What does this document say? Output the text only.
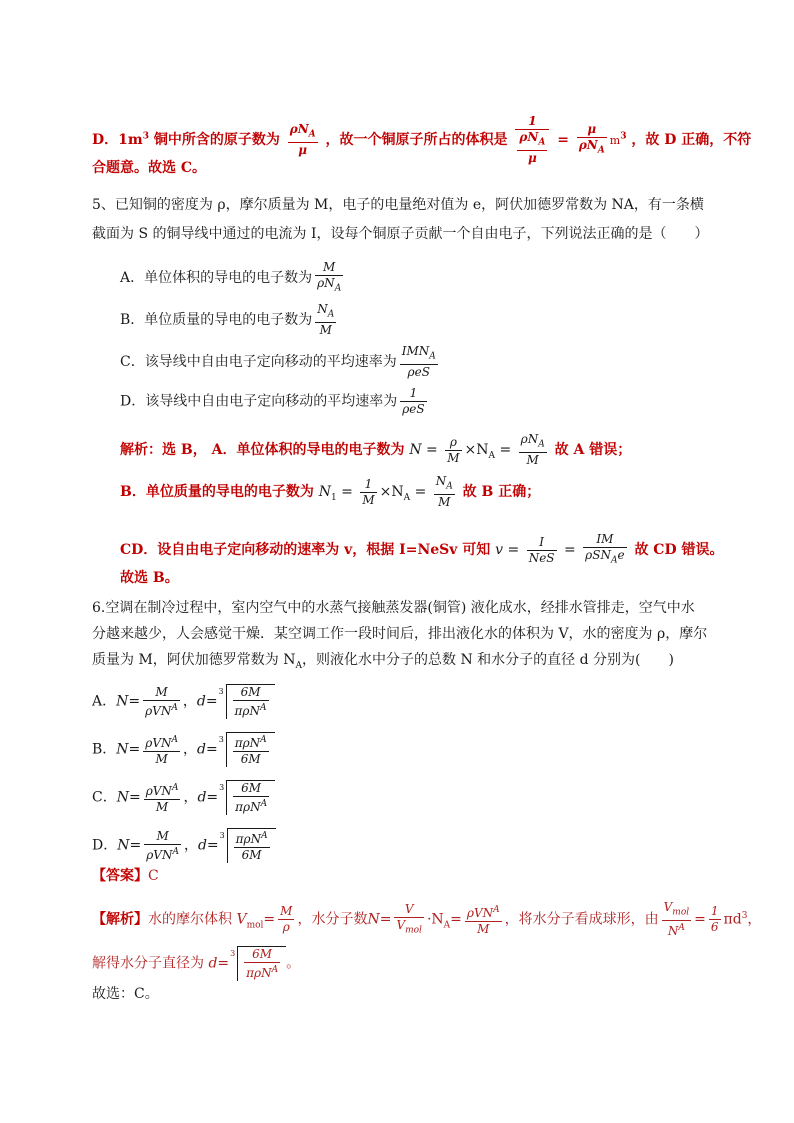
D．$1m^3$ 铜中所含的原子数为 $\frac{\rho N_A}{\mu}$ ，故一个铜原子所占的体积是 $\frac{1}{\frac{\rho N_A}{\mu}} = \frac{\mu}{\rho N_A} m^3$ ，故 D 正确，不符
合题意。故选 C。
5、已知铜的密度为 ρ，摩尔质量为 M，电子的电量绝对值为 e，阿伏加德罗常数为 NA，有一条横
截面为 S 的铜导线中通过的电流为 I，设每个铜原子贡献一个自由电子，下列说法正确的是（　　）
A．单位体积的导电的电子数为 $\frac{M}{\rho N_A}$
B．单位质量的导电的电子数为 $\frac{N_A}{M}$
C．该导线中自由电子定向移动的平均速率为 $\frac{IMN_A}{\text{ρeS}}$
D．该导线中自由电子定向移动的平均速率为 $\frac{1}{\text{ρeS}}$
解析：选 B， A．单位体积的导电的电子数为 $N = \frac{\rho}{M} \times N_A = \frac{\rho N_A}{M}$ 故 A 错误；
B．单位质量的导电的电子数为 $N_1 = \frac{1}{M} \times N_A = \frac{N_A}{M}$ 故 B 正确；
CD．设自由电子定向移动的速率为 v，根据 I=NeSv 可知 $v = \frac{I}{\text{NeS}} = \frac{IM}{\rho SN_Ae}$ 故 CD 错误。
故选 B。
6.空调在制冷过程中，室内空气中的水蒸气接触蒸发器(铜管) 液化成水，经排水管排走，空气中水
分越来越少，人会感觉干燥．某空调工作一段时间后，排出液化水的体积为 V，水的密度为 ρ，摩尔
质量为 M，阿伏加德罗常数为 $N_A$，则液化水中分子的总数 N 和水分子的直径 d 分别为(　　)
A．$N= \frac{M}{\rho VN^A}$ ，d=
$3 \frac{6M}{\pi\rho N^A}$
B．$N= \frac{\rho VN^A}{M}$ ，d=
$3 \frac{\pi\rho N^A}{6M}$
C．$N= \frac{\rho VN^A}{M}$ ，d=
$3 \frac{6M}{\pi\rho N^A}$
D．$N= \frac{M}{\rho VN^A}$ ，d=
$3 \frac{\pi\rho N^A}{6M}$
【答案】C
【解析】水的摩尔体积 $V_{mol}= \frac{M}{\rho}$ ，水分子数$N= \frac{V}{V_{mol}} \cdot N_A= \frac{\rho VN^A}{M}$ ，将水分子看成球形，由 $\frac{V_{mol}}{N^A} = \frac{1}{6} \pi d^3$，
解得水分子直径为 d=
$3 \frac{6M}{\pi\rho N^A}$ 。
故选：C。
